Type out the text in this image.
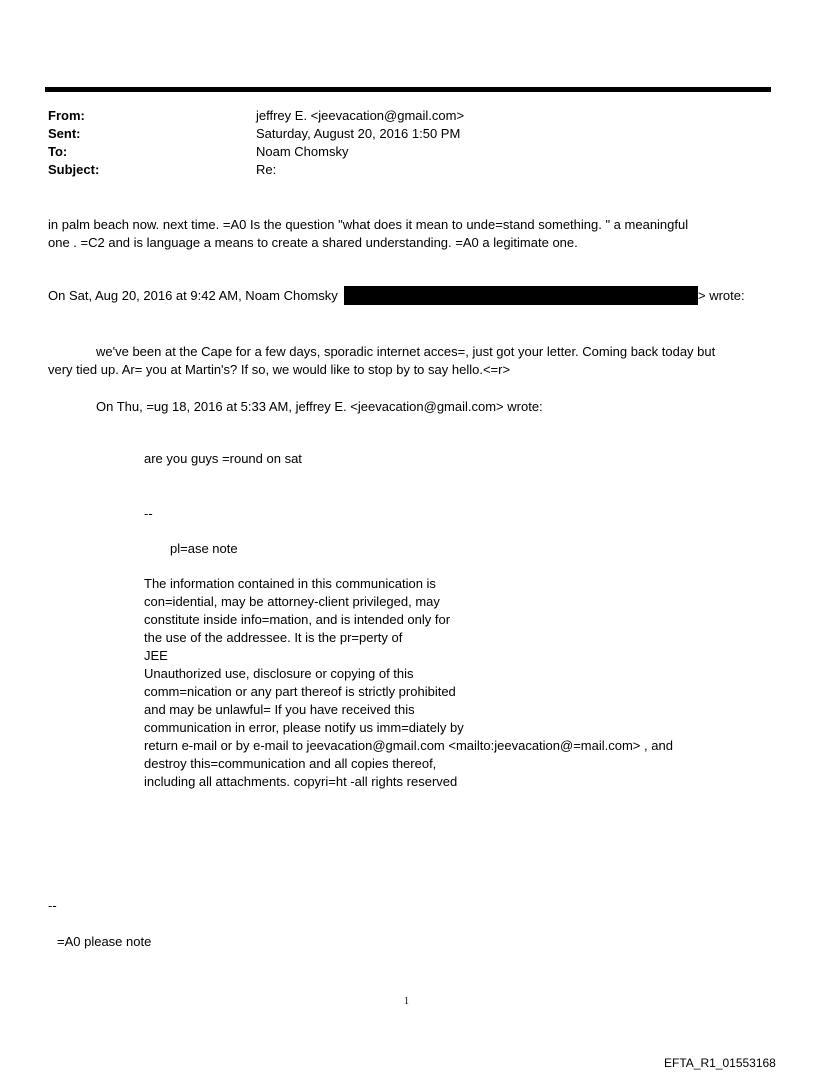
From:	jeffrey E. <jeevacation@gmail.com>
Sent:	Saturday, August 20, 2016 1:50 PM
To:	Noam Chomsky
Subject:	Re:
in palm beach now. next time. =A0 Is the question "what does it mean to unde=stand something. " a meaningful
one . =C2 and is language a means to create a shared understanding. =A0 a legitimate one.
On Sat, Aug 20, 2016 at 9:42 AM, Noam Chomsky	> wrote:
we've been at the Cape for a few days, sporadic internet acces=, just got your letter. Coming back today but
very tied up. Ar= you at Martin's? If so, we would like to stop by to say hello.<=r>
On Thu, =ug 18, 2016 at 5:33 AM, jeffrey E. <jeevacation@gmail.com> wrote:
are you guys =round on sat
--
pl=ase note
The information contained in this communication is
con=idential, may be attorney-client privileged, may
constitute inside info=mation, and is intended only for
the use of the addressee. It is the pr=perty of
JEE
Unauthorized use, disclosure or copying of this
comm=nication or any part thereof is strictly prohibited
and may be unlawful= If you have received this
communication in error, please notify us imm=diately by
return e-mail or by e-mail to jeevacation@gmail.com <mailto:jeevacation@=mail.com> , and
destroy this=communication and all copies thereof,
including all attachments. copyri=ht -all rights reserved
--
=A0 please note
1
EFTA_R1_01553168
